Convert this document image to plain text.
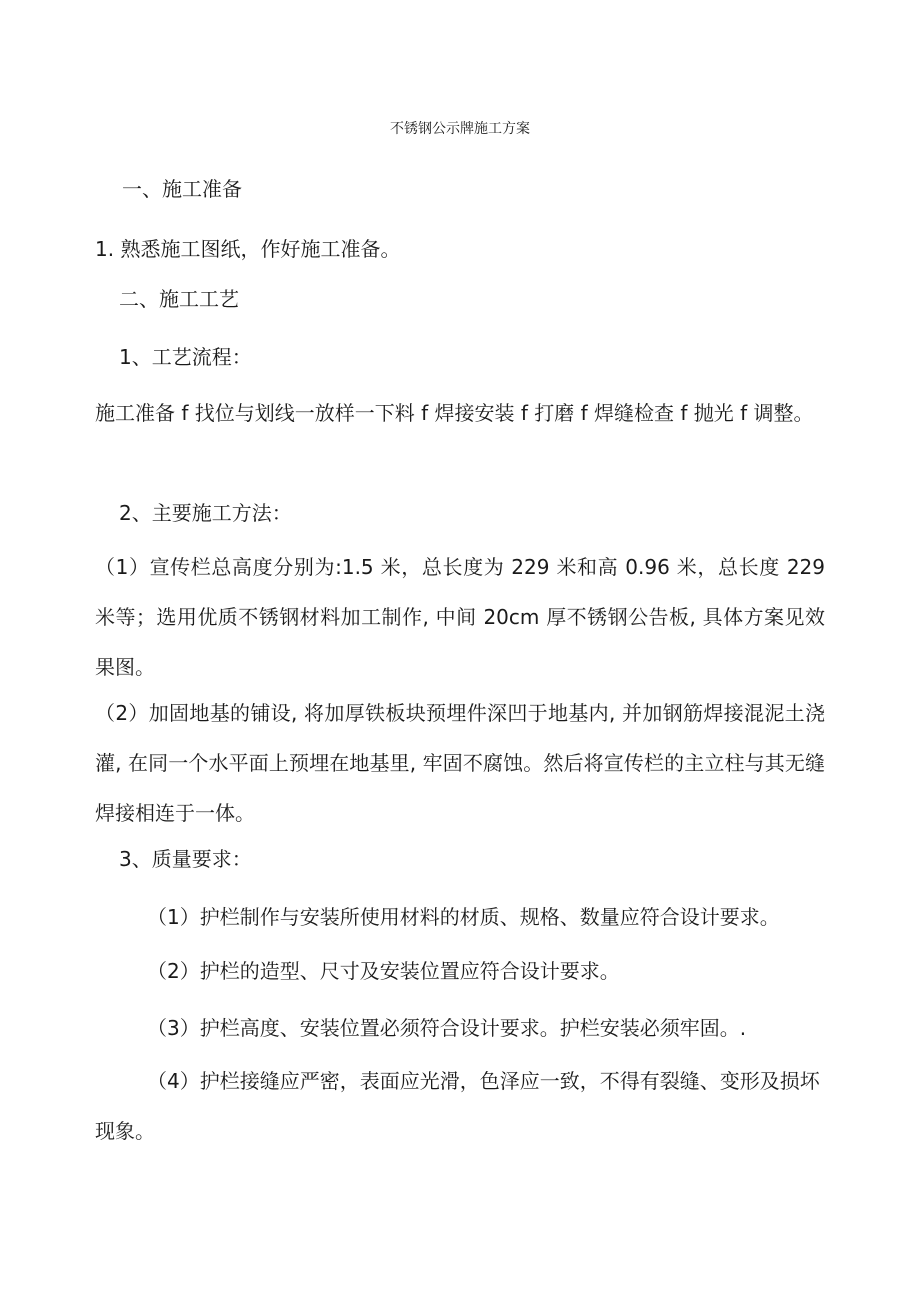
不锈钢公示牌施工方案
一、施工准备
1. 熟悉施工图纸，作好施工准备。
二、施工工艺
1、工艺流程：
施工准备 f 找位与划线一放样一下料 f 焊接安装 f 打磨 f 焊缝检查 f 抛光 f 调整。
2、主要施工方法：
（1）宣传栏总高度分别为:1.5 米，总长度为 229 米和高 0.96 米，总长度 229 米等；选用优质不锈钢材料加工制作, 中间 20cm 厚不锈钢公告板, 具体方案见效果图。
（2）加固地基的铺设, 将加厚铁板块预埋件深凹于地基内, 并加钢筋焊接混泥土浇灌, 在同一个水平面上预埋在地基里, 牢固不腐蚀。然后将宣传栏的主立柱与其无缝焊接相连于一体。
3、质量要求：
（1）护栏制作与安装所使用材料的材质、规格、数量应符合设计要求。
（2）护栏的造型、尺寸及安装位置应符合设计要求。
（3）护栏高度、安装位置必须符合设计要求。护栏安装必须牢固。.
（4）护栏接缝应严密，表面应光滑，色泽应一致，不得有裂缝、变形及损坏现象。
